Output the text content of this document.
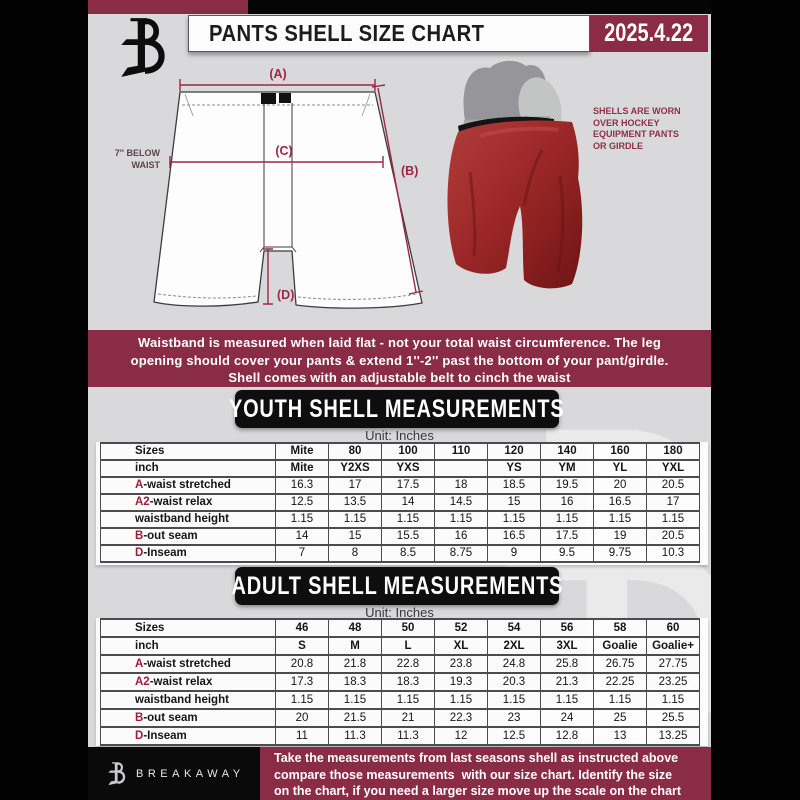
PANTS SHELL SIZE CHART	2025.4.22
(A)
(B)
(C)
(D)
7'' BELOW
WAIST
SHELLS ARE WORN OVER HOCKEY EQUIPMENT PANTS OR GIRDLE
Waistband is measured when laid flat - not your total waist circumference. The leg
opening should cover your pants & extend 1''-2'' past the bottom of your pant/girdle.
Shell comes with an adjustable belt to cinch the waist
YOUTH SHELL MEASUREMENTS
Unit: Inches
Sizes	Mite	80	100	110	120	140	160	180
inch	Mite	Y2XS	YXS		YS	YM	YL	YXL
A-waist stretched	16.3	17	17.5	18	18.5	19.5	20	20.5
A2-waist relax	12.5	13.5	14	14.5	15	16	16.5	17
waistband height	1.15	1.15	1.15	1.15	1.15	1.15	1.15	1.15
B-out seam	14	15	15.5	16	16.5	17.5	19	20.5
D-Inseam	7	8	8.5	8.75	9	9.5	9.75	10.3
ADULT SHELL MEASUREMENTS
Unit: Inches
Sizes	46	48	50	52	54	56	58	60
inch	S	M	L	XL	2XL	3XL	Goalie	Goalie+
A-waist stretched	20.8	21.8	22.8	23.8	24.8	25.8	26.75	27.75
A2-waist relax	17.3	18.3	18.3	19.3	20.3	21.3	22.25	23.25
waistband height	1.15	1.15	1.15	1.15	1.15	1.15	1.15	1.15
B-out seam	20	21.5	21	22.3	23	24	25	25.5
D-Inseam	11	11.3	11.3	12	12.5	12.8	13	13.25
BREAKAWAY
Take the measurements from last seasons shell as instructed above
compare those measurements  with our size chart. Identify the size
on the chart, if you need a larger size move up the scale on the chart
